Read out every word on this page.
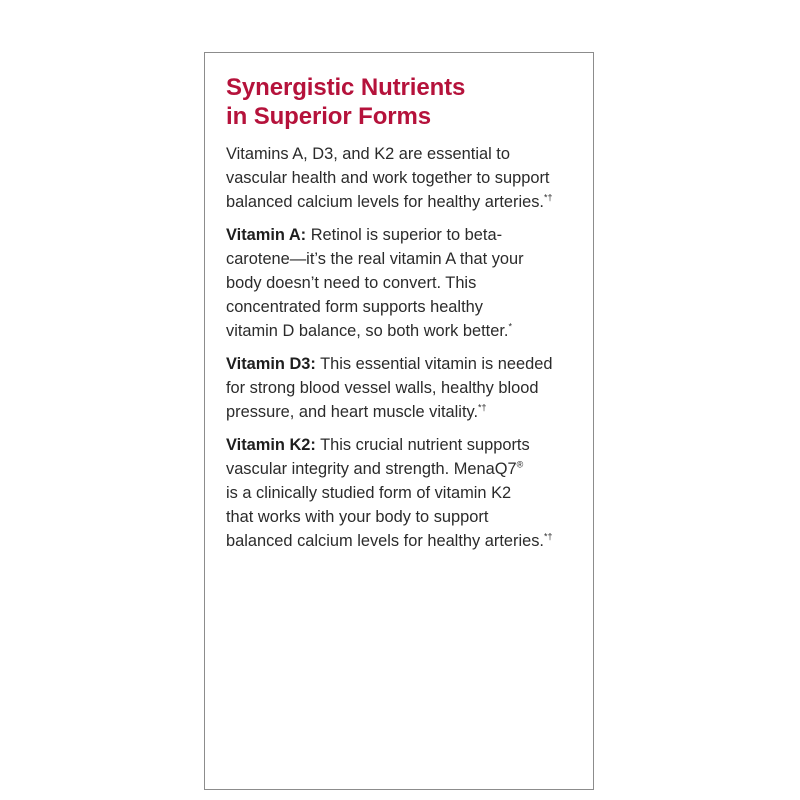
Synergistic Nutrients
in Superior Forms

Vitamins A, D3, and K2 are essential to
vascular health and work together to support
balanced calcium levels for healthy arteries.*†

Vitamin A: Retinol is superior to beta-
carotene—it’s the real vitamin A that your
body doesn’t need to convert. This
concentrated form supports healthy
vitamin D balance, so both work better.*

Vitamin D3: This essential vitamin is needed
for strong blood vessel walls, healthy blood
pressure, and heart muscle vitality.*†

Vitamin K2: This crucial nutrient supports
vascular integrity and strength. MenaQ7®
is a clinically studied form of vitamin K2
that works with your body to support
balanced calcium levels for healthy arteries.*†
